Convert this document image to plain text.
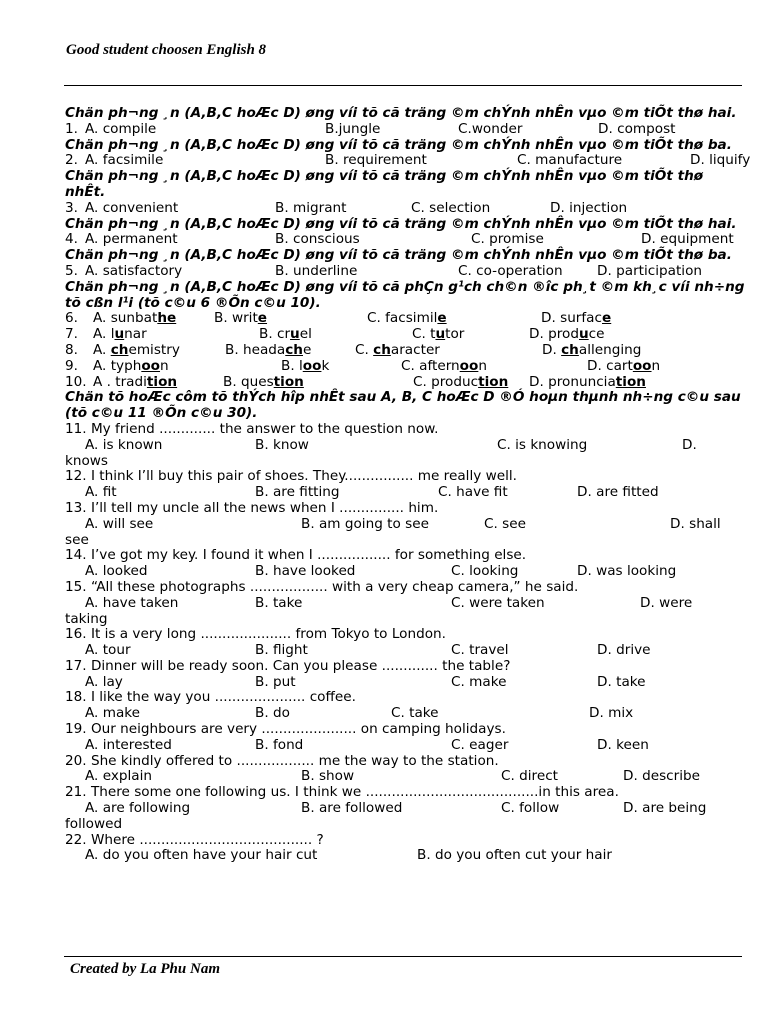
Good student choosen English 8
Chän ph¬ng ¸n (A,B,C hoÆc D) øng víi tõ cã träng ©m chÝnh nhÊn vµo ©m tiÕt thø hai.
1. A. compile	B.jungle	C.wonder	D. compost
Chän ph¬ng ¸n (A,B,C hoÆc D) øng víi tõ cã träng ©m chÝnh nhÊn vµo ©m tiÕt thø ba.
2. A. facsimile	B. requirement	C. manufacture	D. liquify
Chän ph¬ng ¸n (A,B,C hoÆc D) øng víi tõ cã träng ©m chÝnh nhÊn vµo ©m tiÕt thø nhÊt.
3. A. convenient	B. migrant	C. selection	D. injection
Chän ph¬ng ¸n (A,B,C hoÆc D) øng víi tõ cã träng ©m chÝnh nhÊn vµo ©m tiÕt thø hai.
4. A. permanent	B. conscious	C. promise	D. equipment
Chän ph¬ng ¸n (A,B,C hoÆc D) øng víi tõ cã träng ©m chÝnh nhÊn vµo ©m tiÕt thø ba.
5. A. satisfactory	B. underline	C. co-operation	D. participation
Chän ph¬ng ¸n (A,B,C hoÆc D) øng víi tõ cã phÇn g¹ch ch©n ®îc ph¸t ©m kh¸c víi nh÷ng tõ cßn l¹i (tõ c©u 6 ®Õn c©u 10).
6. A. sunbathe	B. write	C. facsimile	D. surface
7. A. lunar	B. cruel	C. tutor	D. produce
8. A. chemistry	B. headache	C. character	D. challenging
9. A. typhoon	B. look	C. afternoon	D. cartoon
10. A . tradition	B. question	C. production D. pronunciation
Chän tõ hoÆc côm tõ thÝch hîp nhÊt sau A, B, C hoÆc D ®Ó hoµn thµnh nh÷ng c©u sau (tõ c©u 11 ®Õn c©u 30).
11. My friend ............. the answer to the question now.
A. is known	B. know	C. is knowing	D.
knows
12. I think I’ll buy this pair of shoes. They................ me really well.
A. fit	B. are fitting	C. have fit	D. are fitted
13. I’ll tell my uncle all the news when I ............... him.
A. will see	B. am going to see	C. see	D. shall
see
14. I’ve got my key. I found it when I ................. for something else.
A. looked	B. have looked	C. looking	D. was looking
15. “All these photographs .................. with a very cheap camera,” he said.
A. have taken	B. take	C. were taken	D. were
taking
16. It is a very long ..................... from Tokyo to London.
A. tour	B. flight	C. travel	D. drive
17. Dinner will be ready soon. Can you please ............. the table?
A. lay	B. put	C. make	D. take
18. I like the way you ..................... coffee.
A. make	B. do	C. take	D. mix
19. Our neighbours are very ...................... on camping holidays.
A. interested	B. fond	C. eager	D. keen
20. She kindly offered to .................. me the way to the station.
A. explain	B. show	C. direct	D. describe
21. There some one following us. I think we ........................................in this area.
A. are following	B. are followed	C. follow	D. are being
followed
22. Where ........................................ ?
A. do you often have your hair cut	B. do you often cut your hair
Created by La Phu Nam
